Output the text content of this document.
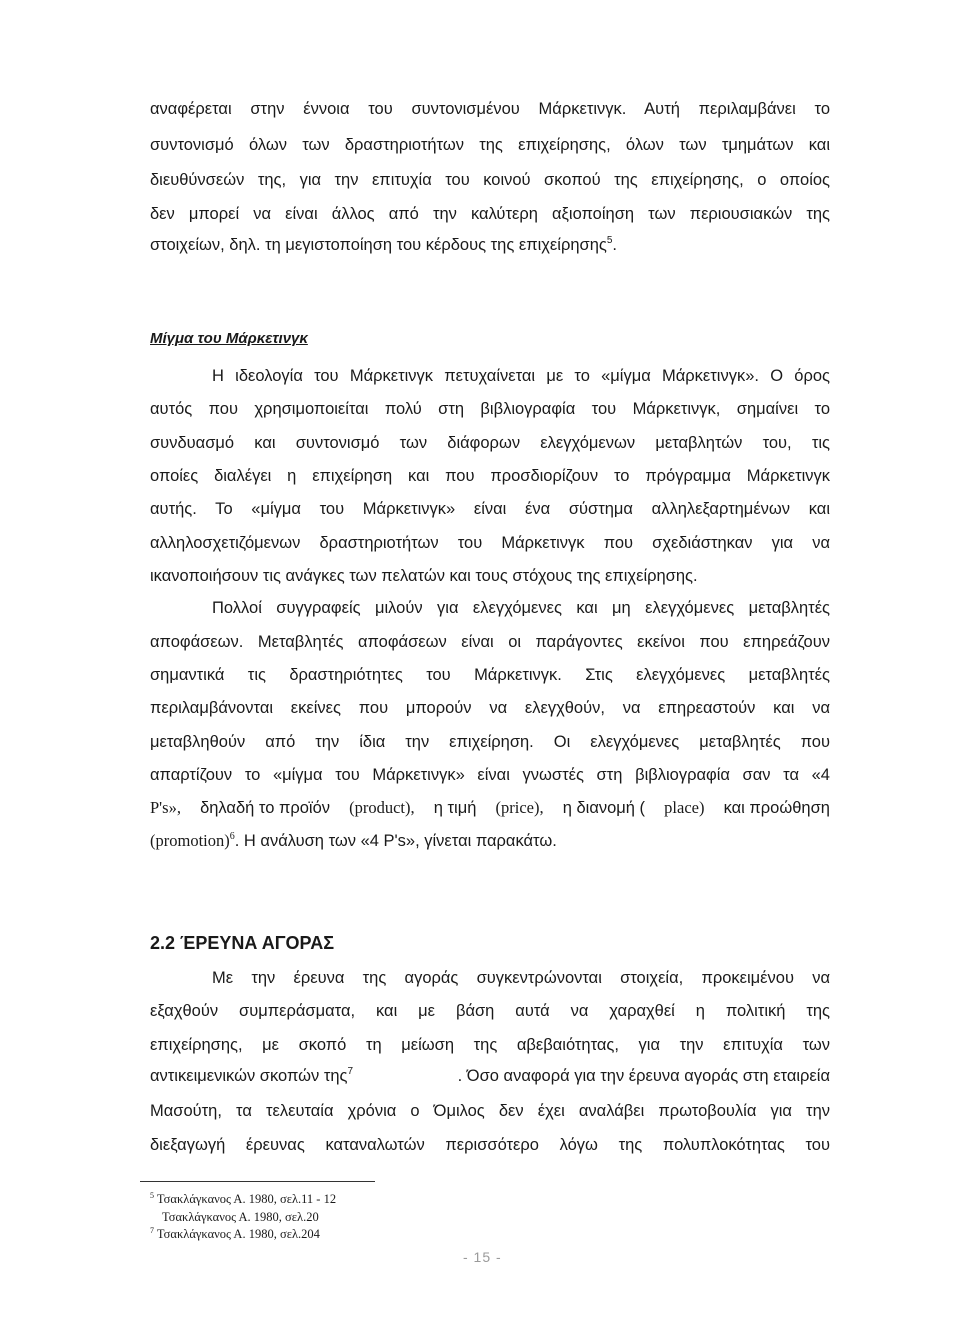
αναφέρεται στην έννοια του συντονισμένου Μάρκετινγκ. Αυτή περιλαμβάνει το
συντονισμό όλων των δραστηριοτήτων της επιχείρησης, όλων των τμημάτων και
διευθύνσεών της, για την επιτυχία του κοινού σκοπού της επιχείρησης, ο οποίος
δεν μπορεί να είναι άλλος από την καλύτερη αξιοποίηση των περιουσιακών της
στοιχείων, δηλ. τη μεγιστοποίηση του κέρδους της επιχείρησης$^5$.
Μίγμα του Μάρκετινγκ
Η ιδεολογία του Μάρκετινγκ πετυχαίνεται με το «μίγμα Μάρκετινγκ». Ο όρος
αυτός που χρησιμοποιείται πολύ στη βιβλιογραφία του Μάρκετινγκ, σημαίνει το
συνδυασμό και συντονισμό των διάφορων ελεγχόμενων μεταβλητών του, τις
οποίες διαλέγει η επιχείρηση και που προσδιορίζουν το πρόγραμμα Μάρκετινγκ
αυτής. Το «μίγμα του Μάρκετινγκ» είναι ένα σύστημα αλληλεξαρτημένων και
αλληλοσχετιζόμενων δραστηριοτήτων του Μάρκετινγκ που σχεδιάστηκαν για να
ικανοποιήσουν τις ανάγκες των πελατών και τους στόχους της επιχείρησης.
Πολλοί συγγραφείς μιλούν για ελεγχόμενες και μη ελεγχόμενες μεταβλητές
αποφάσεων. Μεταβλητές αποφάσεων είναι οι παράγοντες εκείνοι που επηρεάζουν
σημαντικά τις δραστηριότητες του Μάρκετινγκ. Στις ελεγχόμενες μεταβλητές
περιλαμβάνονται εκείνες που μπορούν να ελεγχθούν, να επηρεαστούν και να
μεταβληθούν από την ίδια την επιχείρηση. Οι ελεγχόμενες μεταβλητές που
απαρτίζουν το «μίγμα του Μάρκετινγκ» είναι γνωστές στη βιβλιογραφία σαν τα «4
P's», δηλαδή το προϊόν (product), η τιμή (price), η διανομή ( place) και προώθηση
(promotion)$^6$. Η ανάλυση των «4 P's», γίνεται παρακάτω.
2.2 ΈΡΕΥΝΑ ΑΓΟΡΑΣ
Με την έρευνα της αγοράς συγκεντρώνονται στοιχεία, προκειμένου να
εξαχθούν συμπεράσματα, και με βάση αυτά να χαραχθεί η πολιτική της
επιχείρησης, με σκοπό τη μείωση της αβεβαιότητας, για την επιτυχία των
αντικειμενικών σκοπών της$^7$	. Όσο αναφορά για την έρευνα αγοράς στη εταιρεία
Μασούτη, τα τελευταία χρόνια ο Όμιλος δεν έχει αναλάβει πρωτοβουλία για την
διεξαγωγή έρευνας καταναλωτών περισσότερο λόγω της πολυπλοκότητας του
$^5$ Τσακλάγκανος Α. 1980, σελ.11 - 12
Τσακλάγκανος Α. 1980, σελ.20
$^7$ Τσακλάγκανος Α. 1980, σελ.204
- 15 -
